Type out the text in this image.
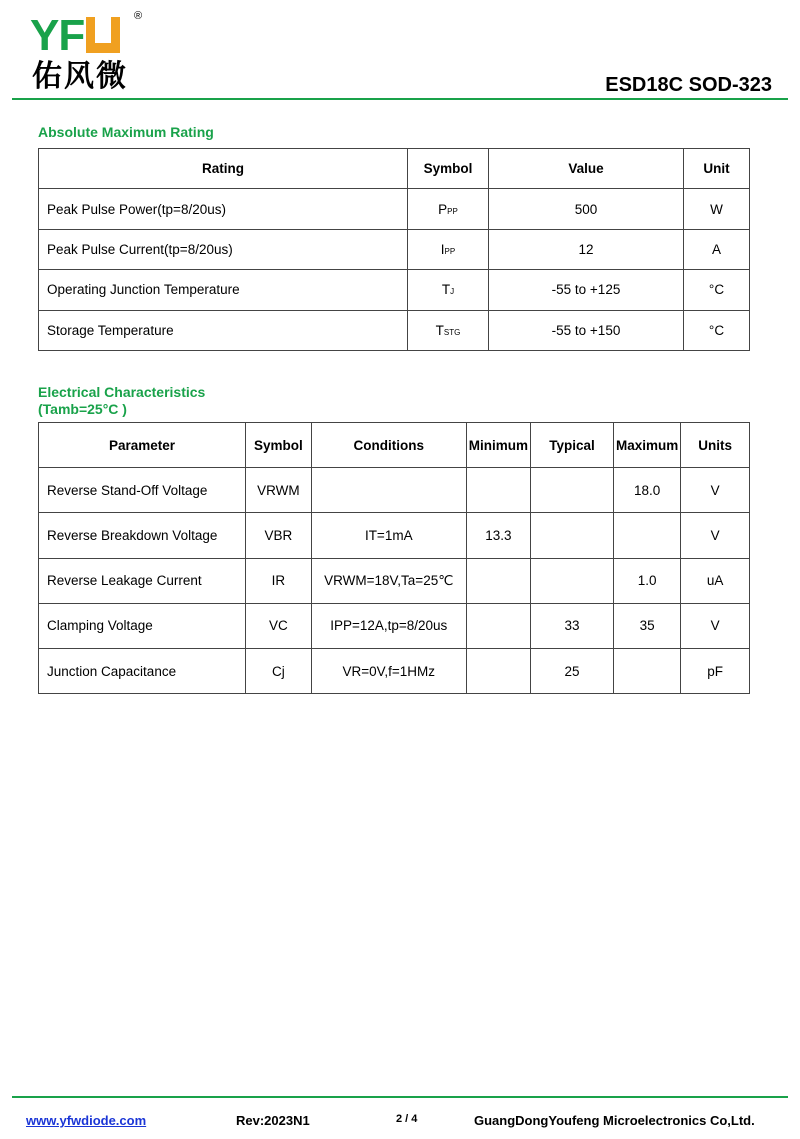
YF	®
佑风微	ESD18C SOD-323
Absolute Maximum Rating
Rating	Symbol	Value	Unit
Peak Pulse Power(tp=8/20us)	PPP	500	W
Peak Pulse Current(tp=8/20us)	IPP	12	A
Operating Junction Temperature	TJ	-55 to +125	°C
Storage Temperature	TSTG	-55 to +150	°C
Electrical Characteristics
(Tamb=25°C )
Parameter	Symbol	Conditions	Minimum	Typical	Maximum	Units
Reverse Stand-Off Voltage	VRWM				18.0	V
Reverse Breakdown Voltage	VBR	IT=1mA	13.3			V
Reverse Leakage Current	IR	VRWM=18V,Ta=25℃			1.0	uA
Clamping Voltage	VC	IPP=12A,tp=8/20us		33	35	V
Junction Capacitance	Cj	VR=0V,f=1HMz		25		pF
www.yfwdiode.com	Rev:2023N1	2 / 4	GuangDongYoufeng Microelectronics Co,Ltd.
